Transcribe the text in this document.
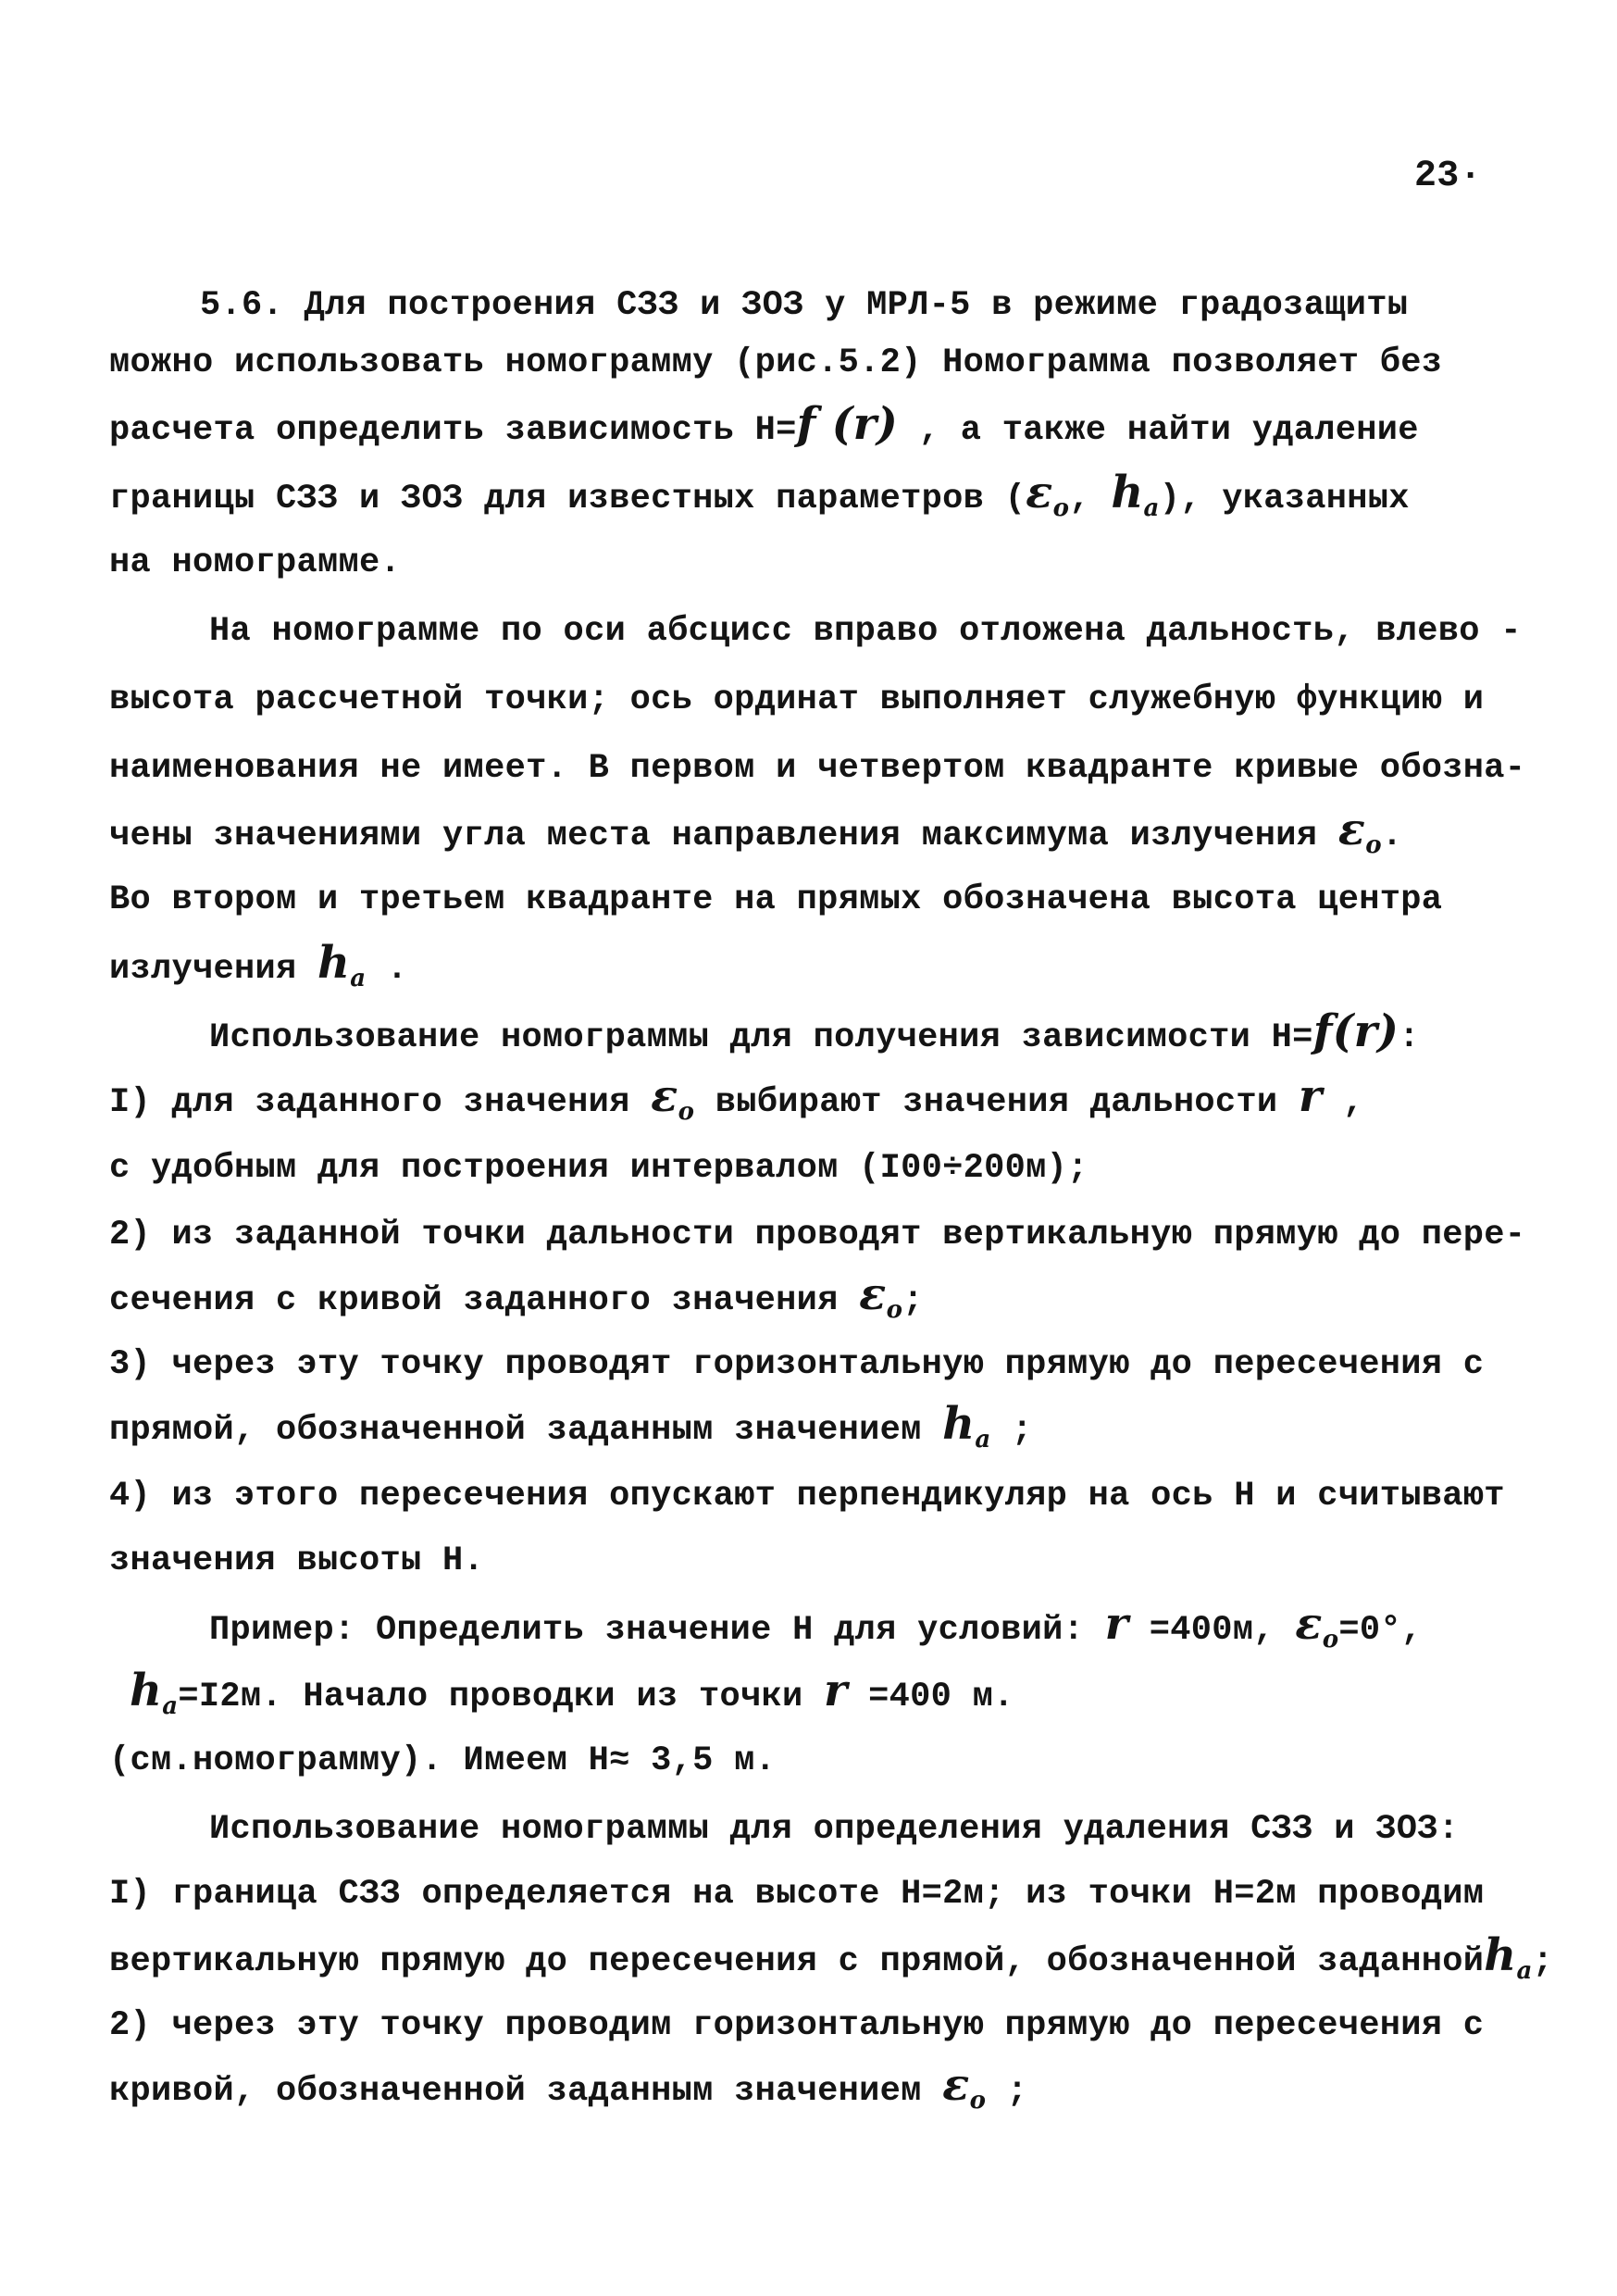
23·
5.6. Для построения СЗЗ и ЗОЗ у МРЛ-5 в режиме градозащиты
можно использовать номограмму (рис.5.2) Номограмма позволяет без
расчета определить зависимость Н=f (r) , а также найти удаление
границы СЗЗ и ЗОЗ для известных параметров ($\varepsilon_o$, $h_a$), указанных
на номограмме.
На номограмме по оси абсцисс вправо отложена дальность, влево -
высота рассчетной точки; ось ординат выполняет служебную функцию и
наименования не имеет. В первом и четвертом квадранте кривые обозна-
чены значениями угла места направления максимума излучения $\varepsilon_o$.
Во втором и третьем квадранте на прямых обозначена высота центра
излучения $h_a$ .
Использование номограммы для получения зависимости Н=f(r):
I) для заданного значения $\varepsilon_o$ выбирают значения дальности r ,
с удобным для построения интервалом (I00÷200м);
2) из заданной точки дальности проводят вертикальную прямую до пере-
сечения с кривой заданного значения $\varepsilon_o$;
3) через эту точку проводят горизонтальную прямую до пересечения с
прямой, обозначенной заданным значением $h_a$ ;
4) из этого пересечения опускают перпендикуляр на ось Н и считывают
значения высоты Н.
Пример: Определить значение Н для условий: r =400м, $\varepsilon_o=0^\circ$,
$h_a=I2м$. Начало проводки из точки r =400 м.
(см.номограмму). Имеем Н≈ 3,5 м.
Использование номограммы для определения удаления СЗЗ и ЗОЗ:
I) граница СЗЗ определяется на высоте Н=2м; из точки Н=2м проводим
вертикальную прямую до пересечения с прямой, обозначенной заданнойh$_a$;
2) через эту точку проводим горизонтальную прямую до пересечения с
кривой, обозначенной заданным значением $\varepsilon_o$ ;
